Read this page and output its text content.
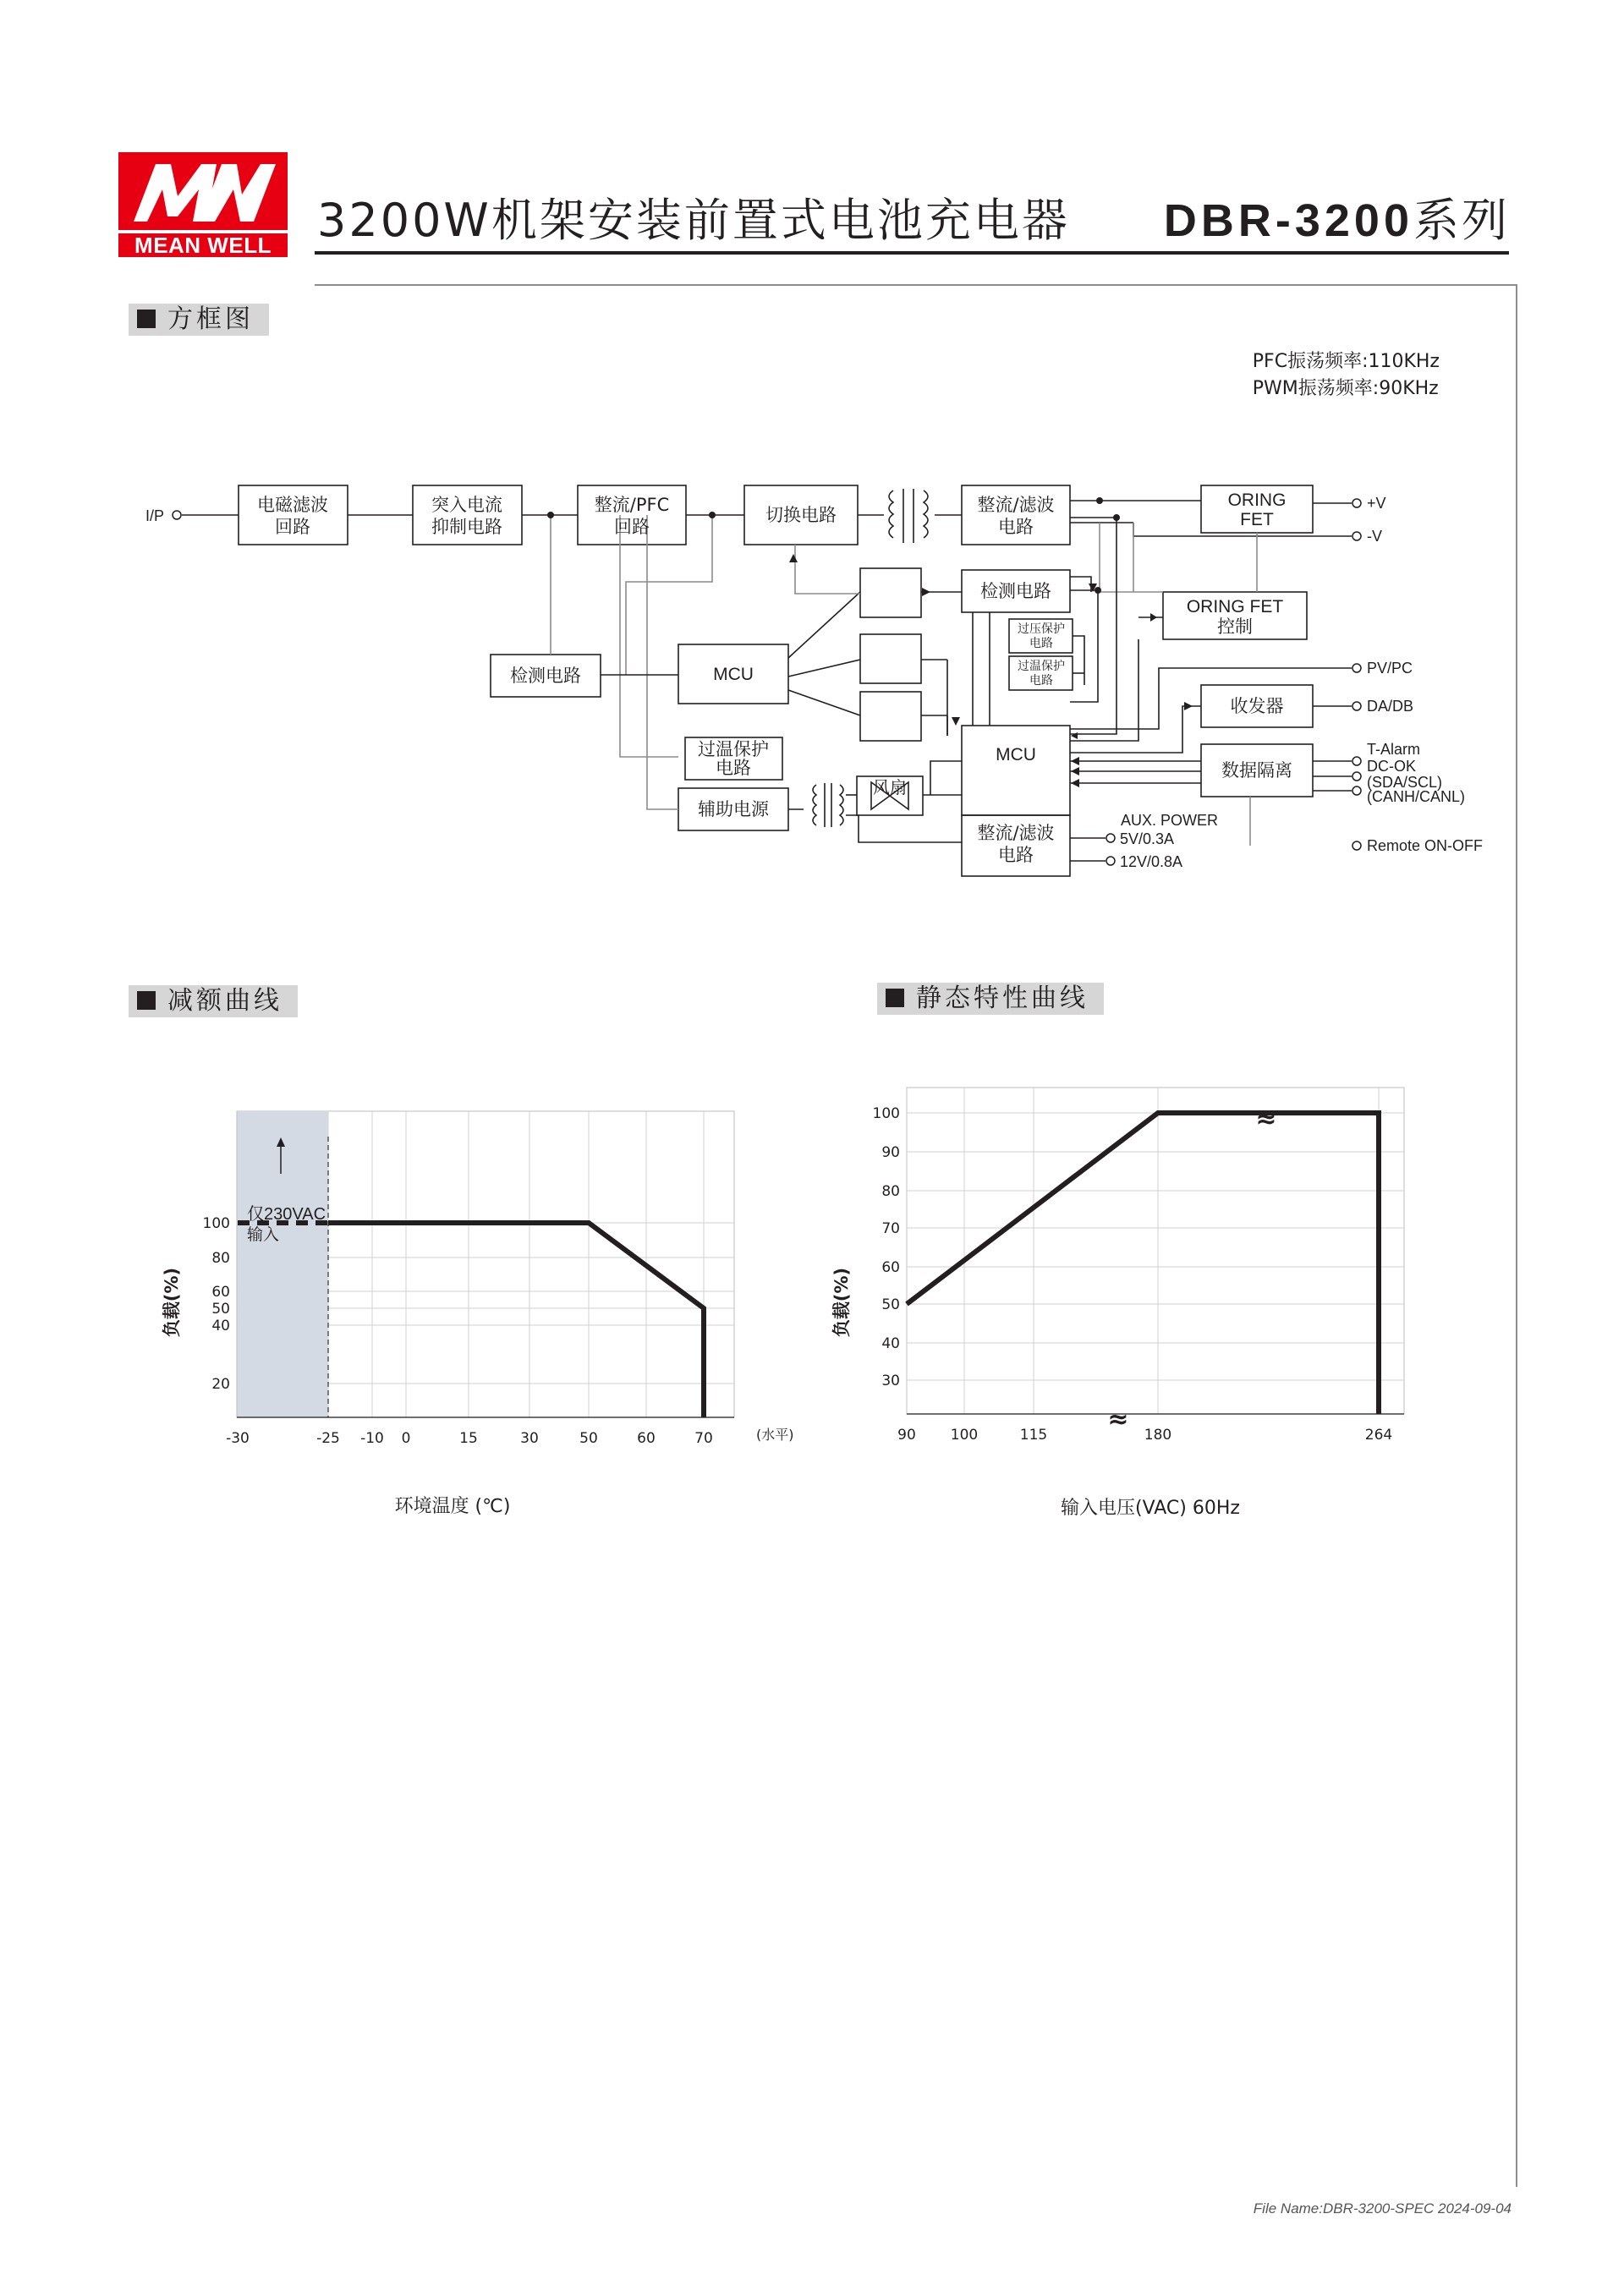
MEAN WELL	3200W机架安装前置式电池充电器 DBR-3200系列
方框图
PFC振荡频率:110KHz
PWM振荡频率:90KHz
电磁滤波
回路
突入电流
抑制电路
整流/PFC
回路
切换电路	整流/滤波
电路
ORING
FET
检测电路
ORING FET
控制
检测电路	MCU
过温保护
电路
辅助电源
MCU
整流/滤波
电路
收发器
数据隔离
过压保护
电路
过温保护
电路
风扇
I/P
+V
-V
PV/PC
DA/DB
T-Alarm
DC-OK
(SDA/SCL)
(CANH/CANL)
Remote ON-OFF
AUX. POWER
5V/0.3A
12V/0.8A
减额曲线
-30	-25 -10 0	15	30	50	60	70
100
80
60
50
40
20
(水平)
仅230VAC
输入
负载(%)
环境温度 (℃)
静态特性曲线
90 100	115	180	264
100
90
80
70
60
50
40
30
≈
≈
负载(%)
输入电压(VAC) 60Hz
File Name:DBR-3200-SPEC 2024-09-04
